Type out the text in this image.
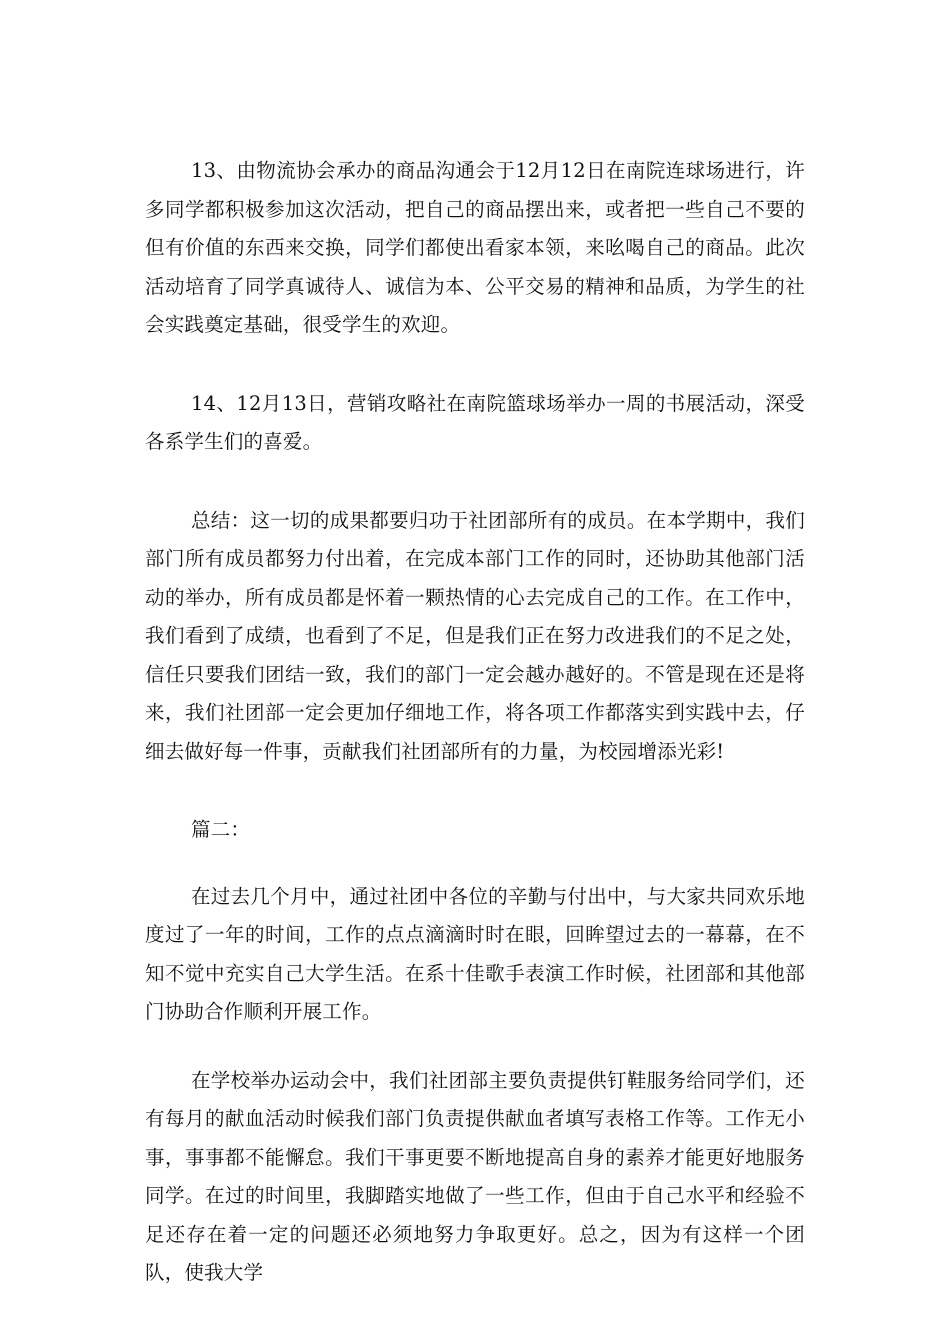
13、由物流协会承办的商品沟通会于12月12日在南院连球场进行，许多同学都积极参加这次活动，把自己的商品摆出来，或者把一些自己不要的但有价值的东西来交换，同学们都使出看家本领，来吆喝自己的商品。此次活动培育了同学真诚待人、诚信为本、公平交易的精神和品质，为学生的社会实践奠定基础，很受学生的欢迎。

14、12月13日，营销攻略社在南院篮球场举办一周的书展活动，深受各系学生们的喜爱。

总结：这一切的成果都要归功于社团部所有的成员。在本学期中，我们部门所有成员都努力付出着，在完成本部门工作的同时，还协助其他部门活动的举办，所有成员都是怀着一颗热情的心去完成自己的工作。在工作中，我们看到了成绩，也看到了不足，但是我们正在努力改进我们的不足之处，信任只要我们团结一致，我们的部门一定会越办越好的。不管是现在还是将来，我们社团部一定会更加仔细地工作，将各项工作都落实到实践中去，仔细去做好每一件事，贡献我们社团部所有的力量，为校园增添光彩!

篇二：

在过去几个月中，通过社团中各位的辛勤与付出中，与大家共同欢乐地度过了一年的时间，工作的点点滴滴时时在眼，回眸望过去的一幕幕，在不知不觉中充实自己大学生活。在系十佳歌手表演工作时候，社团部和其他部门协助合作顺利开展工作。

在学校举办运动会中，我们社团部主要负责提供钉鞋服务给同学们，还有每月的献血活动时候我们部门负责提供献血者填写表格工作等。工作无小事，事事都不能懈怠。我们干事更要不断地提高自身的素养才能更好地服务同学。在过的时间里，我脚踏实地做了一些工作，但由于自己水平和经验不足还存在着一定的问题还必须地努力争取更好。总之，因为有这样一个团队，使我大学
